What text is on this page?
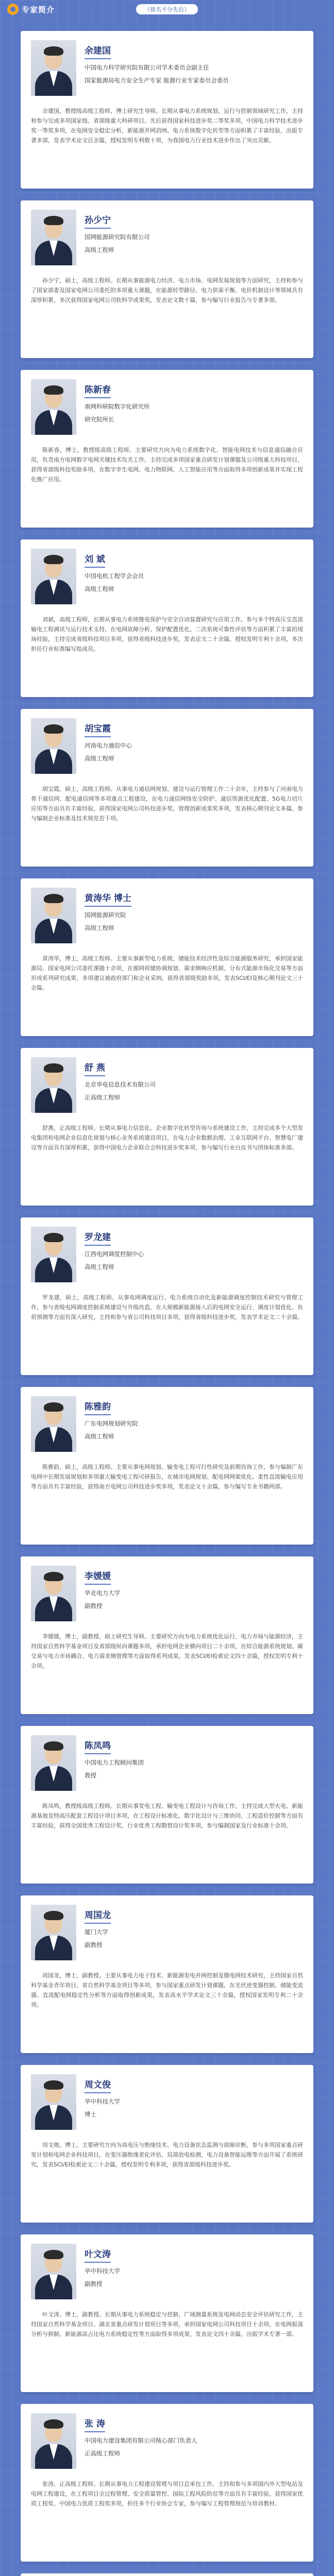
专家简介	（排名不分先后）
余建国
中国电力科学研究院有限公司学术委员会副主任
国家能源局电力安全生产专家 能源行业专家委员会委员
余建国，教授级高级工程师，博士研究生导师。长期从事电力系统规划、运行与控制领域研究工作，主持和参与完成多项国家级、省部级重大科研项目。先后获得国家科技进步奖二等奖多项，中国电力科学技术进步奖一等奖多项，在电网安全稳定分析、新能源并网消纳、电力系统数字化转型等方面积累了丰富经验，出版专著多部，发表学术论文百余篇，授权发明专利数十项，为我国电力行业技术进步作出了突出贡献。
孙少宁
国网能源研究院有限公司
高级工程师
孙少宁，硕士，高级工程师。长期从事能源电力经济、电力市场、电网发展规划等方面研究，主持和参与了国家部委及国家电网公司委托的多项重大课题，在能源转型路径、电力供需平衡、电价机制设计等领域具有深厚积累，多次获得国家电网公司软科学成果奖，发表论文数十篇，参与编写行业报告与专著多部。
陈新春
南网科研院数字化研究所
研究院所长
陈新春，博士，教授级高级工程师。主要研究方向为电力系统数字化、智能电网技术与信息通信融合应用，负责南方电网数字电网关键技术攻关工作。主持完成多项国家重点研发计划课题及公司级重大科技项目，获得省部级科技奖励多项，在数字孪生电网、电力物联网、人工智能应用等方面取得多项创新成果并实现工程化推广应用。
刘 斌
中国电机工程学会会员
高级工程师
刘斌，高级工程师，长期从事电力系统继电保护与安全自动装置研究与应用工作。参与多个特高压交直流输电工程调试与运行技术支持，在电网故障分析、保护配置优化、二次系统可靠性评估等方面积累了丰富的现场经验，主持完成省级科技项目多项，获得省级科技进步奖，发表论文二十余篇，授权发明专利十余项，多次担任行业标准编写组成员。
胡宝霞
河南电力通信中心
高级工程师
胡宝霞，硕士，高级工程师。从事电力通信网规划、建设与运行管理工作二十余年，主持参与了河南电力骨干通信网、配电通信网等多项重点工程建设，在电力通信网络安全防护、通信资源优化配置、5G电力切片应用等方面具有丰富经验，获得国家电网公司科技进步奖、管理创新成果奖多项，发表核心期刊论文多篇，参与编制企业标准及技术规范若干项。
黄涛华 博士
国网能源研究院
高级工程师
黄涛华，博士，高级工程师。主要从事新型电力系统、储能技术经济性及综合能源服务研究，承担国家能源局、国家电网公司委托课题十余项，在源网荷储协调规划、需求侧响应机制、分布式能源市场化交易等方面形成系列研究成果，多项建议被政府部门和企业采纳，获得省部级奖励多项，发表SCI/EI及核心期刊论文三十余篇。
舒 燕
北京华电信息技术有限公司
正高级工程师
舒燕，正高级工程师。长期从事电力信息化、企业数字化转型咨询与系统建设工作，主持完成多个大型发电集团和电网企业信息化规划与核心业务系统建设项目，在电力企业数据治理、工业互联网平台、智慧电厂建设等方面具有深厚积累，获得中国电力企业联合会科技进步奖多项，参与编写行业白皮书与团体标准多部。
罗龙建
江西电网调度控制中心
高级工程师
罗龙建，硕士，高级工程师。从事电网调度运行、电力系统自动化及新能源调度控制技术研究与管理工作，参与省级电网调度控制系统建设与升级改造，在大规模新能源接入后的电网安全运行、调度计划优化、负荷预测等方面有深入研究，主持和参与省公司科技项目多项，获得省级科技进步奖，发表学术论文二十余篇。
陈雅韵
广东电网规划研究院
高级工程师
陈雅韵，硕士，高级工程师。主要从事电网规划、输变电工程可行性研究及前期咨询工作，参与编制广东电网中长期发展规划和多项重大输变电工程可研报告，在城市电网规划、配电网网架优化、柔性直流输电应用等方面具有丰富经验，获得南方电网公司科技进步奖多项，发表论文十余篇，参与编写专业书籍两部。
李媛媛
华北电力大学
副教授
李媛媛，博士，副教授，硕士研究生导师。主要研究方向为电力系统优化运行、电力市场与能源经济，主持国家自然科学基金项目及省部级纵向课题多项，承担电网企业横向项目二十余项，在综合能源系统规划、碳交易与电力市场耦合、电力需求侧管理等方面取得系列成果，发表SCI/EI检索论文四十余篇，授权发明专利十余项。
陈凤鸣
中国电力工程顾问集团
教授
陈凤鸣，教授级高级工程师。长期从事发电工程、输变电工程设计与咨询工作，主持完成大型火电、新能源基地及特高压配套工程设计项目多项，在工程设计标准化、数字化设计与三维协同、工程造价控制等方面有丰富经验，获得全国优秀工程设计奖、行业优秀工程勘察设计奖多项，参与编制国家及行业标准十余项。
周国龙
厦门大学
副教授
周国龙，博士，副教授。主要从事电力电子技术、新能源发电并网控制及微电网技术研究，主持国家自然科学基金青年项目、省自然科学基金项目等多项，参与国家重点研发计划课题，在光伏逆变器控制、储能变流器、直流配电网稳定性分析等方面取得创新成果，发表高水平学术论文三十余篇，授权国家发明专利二十余项。
周文俊
华中科技大学
博士
周文俊，博士。主要研究方向为高电压与绝缘技术、电力设备状态监测与故障诊断，参与多项国家重点研发计划和电网企业科技项目，在变压器绝缘老化评估、局部放电检测、电力设备智能运维等方面开展了系统研究，发表SCI/EI检索论文二十余篇，授权发明专利多项，获得省部级科技进步奖。
叶文涛
华中科技大学
副教授
叶文涛，博士，副教授。长期从事电力系统稳定与控制、广域测量系统及电网动态安全评估研究工作，主持国家自然科学基金项目、湖北省重点研发计划项目等多项，承担国家电网公司科技项目十余项，在电网振荡分析与抑制、新能源高占比电力系统稳定性等方面取得多项成果，发表论文四十余篇，出版学术专著一部。
张 涛
中国电力建设集团有限公司核心部门负责人
正高级工程师
张涛，正高级工程师。长期从事电力工程建设管理与项目总承包工作，主持和参与多项国内外大型电站及电网工程建设，在工程项目全过程管理、安全质量管控、国际工程风险防范等方面具有丰富经验，获得国家优质工程奖、中国电力优质工程奖多项，担任多个行业协会专家，参与编写工程管理规范与培训教材。
